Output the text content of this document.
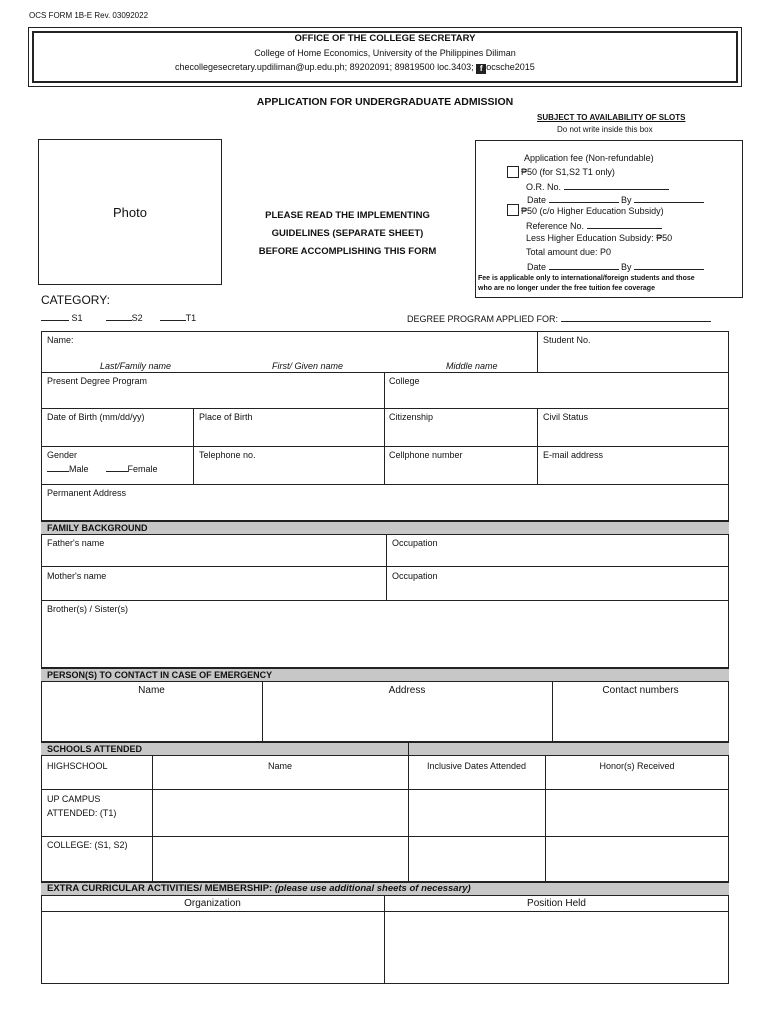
OCS FORM 1B-E Rev. 03092022
OFFICE OF THE COLLEGE SECRETARY
College of Home Economics, University of the Philippines Diliman
checollegesecretary.updiliman@up.edu.ph; 89202091; 89819500 loc.3403; f ocsche2015
APPLICATION FOR UNDERGRADUATE ADMISSION
SUBJECT TO AVAILABILITY OF SLOTS
Do not write inside this box
Photo	PLEASE READ THE IMPLEMENTING
GUIDELINES (SEPARATE SHEET)
BEFORE ACCOMPLISHING THIS FORM
Application fee (Non-refundable)
₱50 (for S1,S2 T1 only)
O.R. No.
Date	By
₱50 (c/o Higher Education Subsidy)
Reference No.
Less Higher Education Subsidy: ₱50
Total amount due: P0
Date	By
Fee is applicable only to international/foreign students and those
who are no longer under the free tuition fee coverage
CATEGORY:
S1	S2	T1	DEGREE PROGRAM APPLIED FOR:
Name:
Last/Family name	First/ Given name	Middle name
Student No.
Present Degree Program	College
Date of Birth (mm/dd/yy)	Place of Birth	Citizenship	Civil Status
Gender
Male	Female
Telephone no.	Cellphone number	E-mail address
Permanent Address
FAMILY BACKGROUND
Father's name	Occupation
Mother's name	Occupation
Brother(s) / Sister(s)
PERSON(S) TO CONTACT IN CASE OF EMERGENCY
Name	Address	Contact numbers
SCHOOLS ATTENDED
HIGHSCHOOL	Name	Inclusive Dates Attended	Honor(s) Received
UP CAMPUS
ATTENDED: (T1)
COLLEGE: (S1, S2)
EXTRA CURRICULAR ACTIVITIES/ MEMBERSHIP: (please use additional sheets of necessary)
Organization	Position Held
